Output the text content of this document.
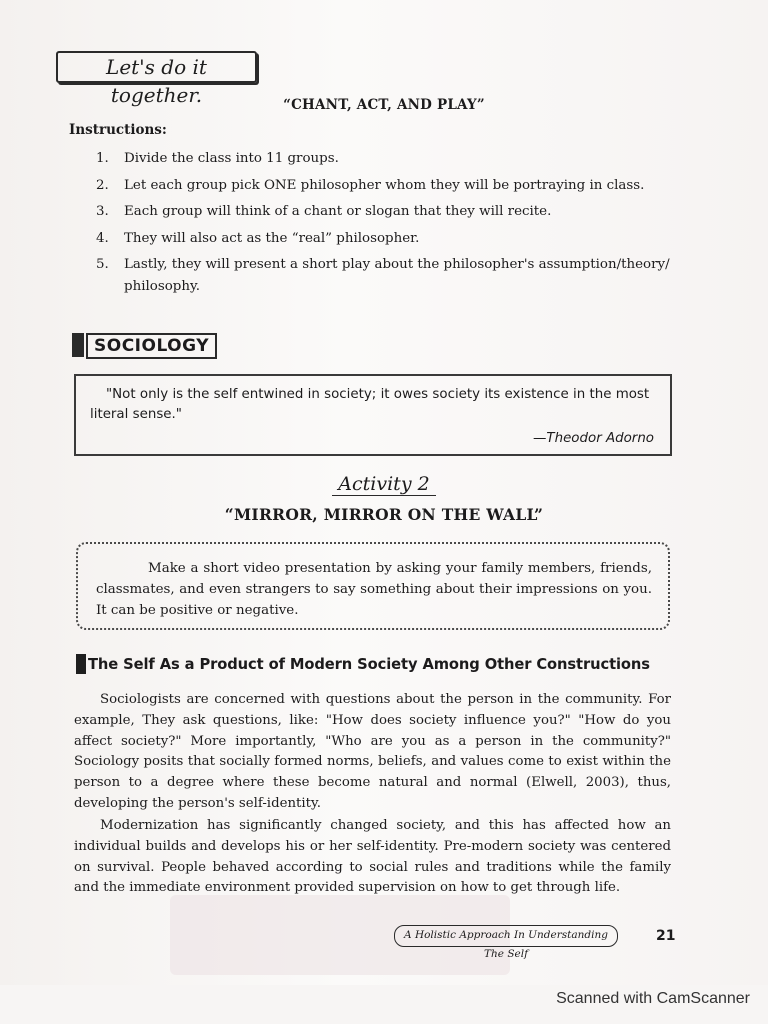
Let's do it together.	“CHANT, ACT, AND PLAY”
Instructions:
1. Divide the class into 11 groups.
2. Let each group pick ONE philosopher whom they will be portraying in class.
3. Each group will think of a chant or slogan that they will recite.
4. They will also act as the “real” philosopher.
5. Lastly, they will present a short play about the philosopher's assumption/theory/ philosophy.
SOCIOLOGY
"Not only is the self entwined in society; it owes society its existence in the most literal sense."
—Theodor Adorno
Activity 2
“MIRROR, MIRROR ON THE WALL”
Make a short video presentation by asking your family members, friends, classmates, and even strangers to say something about their impressions on you. It can be positive or negative.
The Self As a Product of Modern Society Among Other Constructions

Sociologists are concerned with questions about the person in the community. For example, They ask questions, like: "How does society influence you?" "How do you affect society?" More importantly, "Who are you as a person in the community?" Sociology posits that socially formed norms, beliefs, and values come to exist within the person to a degree where these become natural and normal (Elwell, 2003), thus, developing the person's self-identity.

Modernization has significantly changed society, and this has affected how an individual builds and develops his or her self-identity. Pre-modern society was centered on survival. People behaved according to social rules and traditions while the family and the immediate environment provided supervision on how to get through life.

A Holistic Approach In Understanding The Self
21
Scanned with CamScanner
